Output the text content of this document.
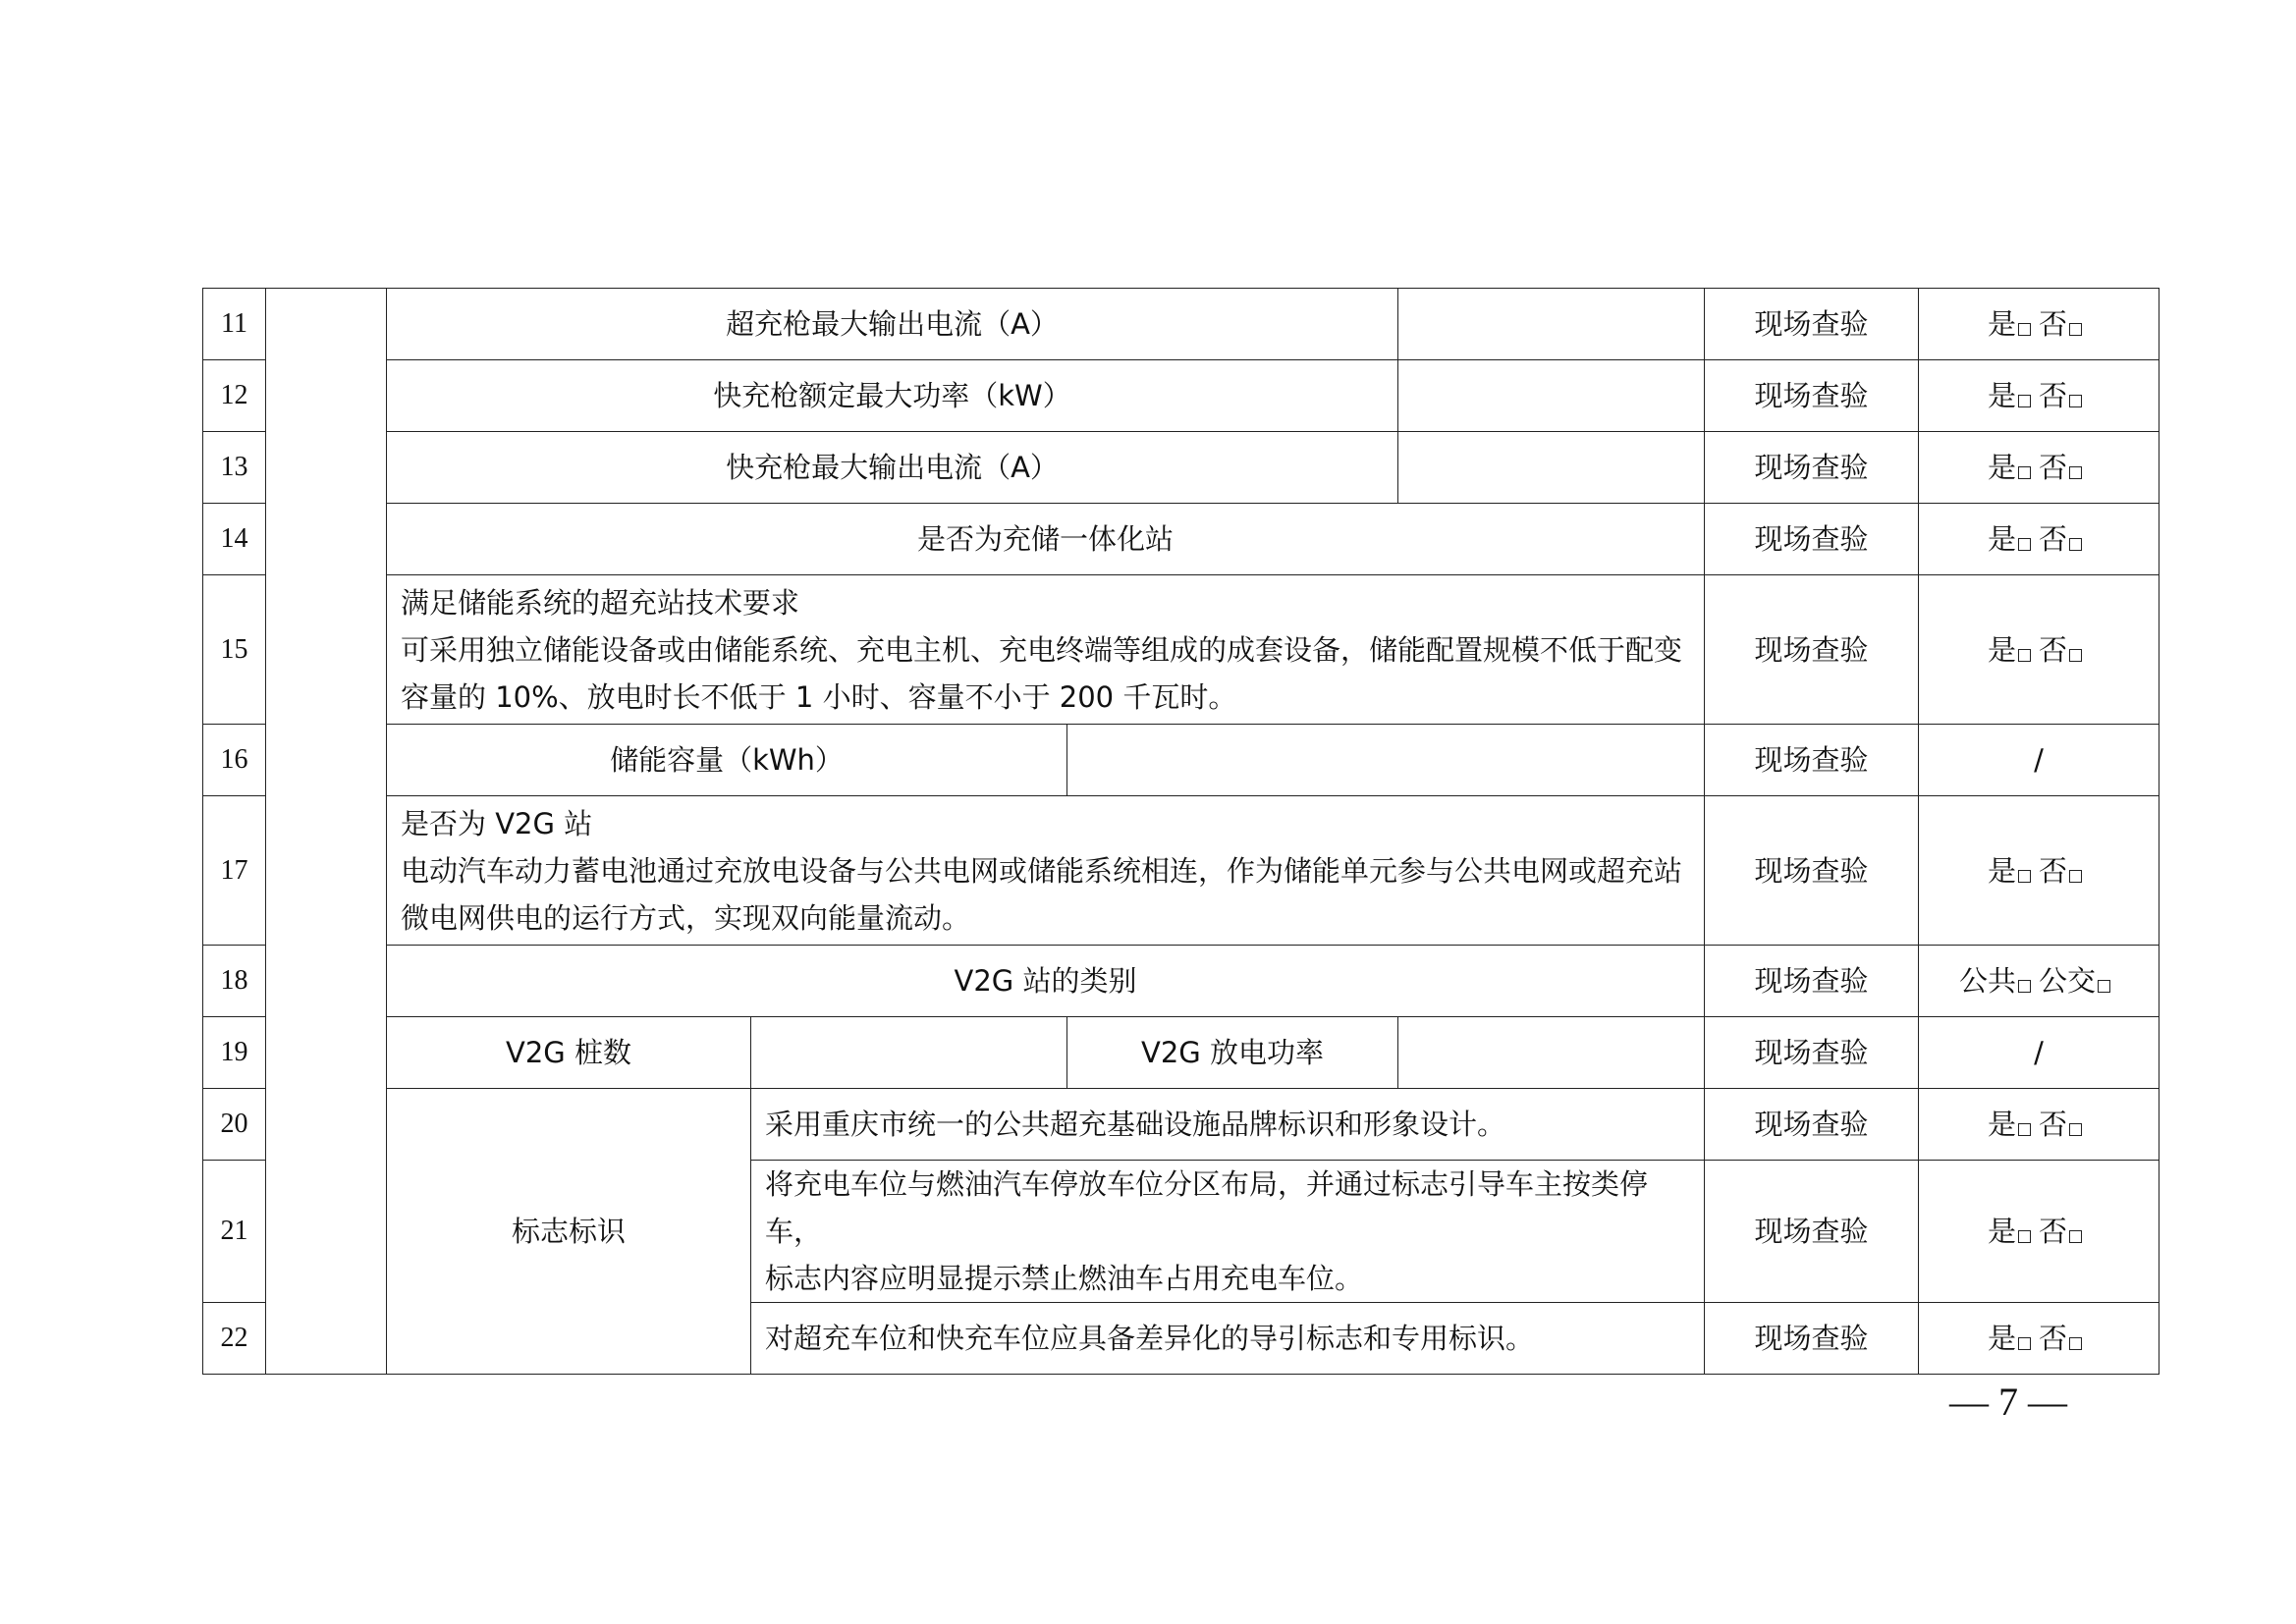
11		超充枪最大输出电流（A）				现场查验	是 否
12		快充枪额定最大功率（kW）				现场查验	是 否
13		快充枪最大输出电流（A）				现场查验	是 否
14		是否为充储一体化站				现场查验	是 否
15		满足储能系统的超充站技术要求
可采用独立储能设备或由储能系统、充电主机、充电终端等组成的成套设备，储能配置规模不低于配变
容量的 10%、放电时长不低于 1 小时、容量不小于 200 千瓦时。				现场查验	是 否
16		储能容量（kWh）				现场查验	/
17		是否为 V2G 站
电动汽车动力蓄电池通过充放电设备与公共电网或储能系统相连，作为储能单元参与公共电网或超充站
微电网供电的运行方式，实现双向能量流动。				现场查验	是 否
18		V2G 站的类别				现场查验	公共 公交
19		V2G 桩数		V2G 放电功率		现场查验	/
20		标志标识	采用重庆市统一的公共超充基础设施品牌标识和形象设计。			现场查验	是 否
21			将充电车位与燃油汽车停放车位分区布局，并通过标志引导车主按类停车，
标志内容应明显提示禁止燃油车占用充电车位。			现场查验	是 否
22			对超充车位和快充车位应具备差异化的导引标志和专用标识。			现场查验	是 否
— 7 —
